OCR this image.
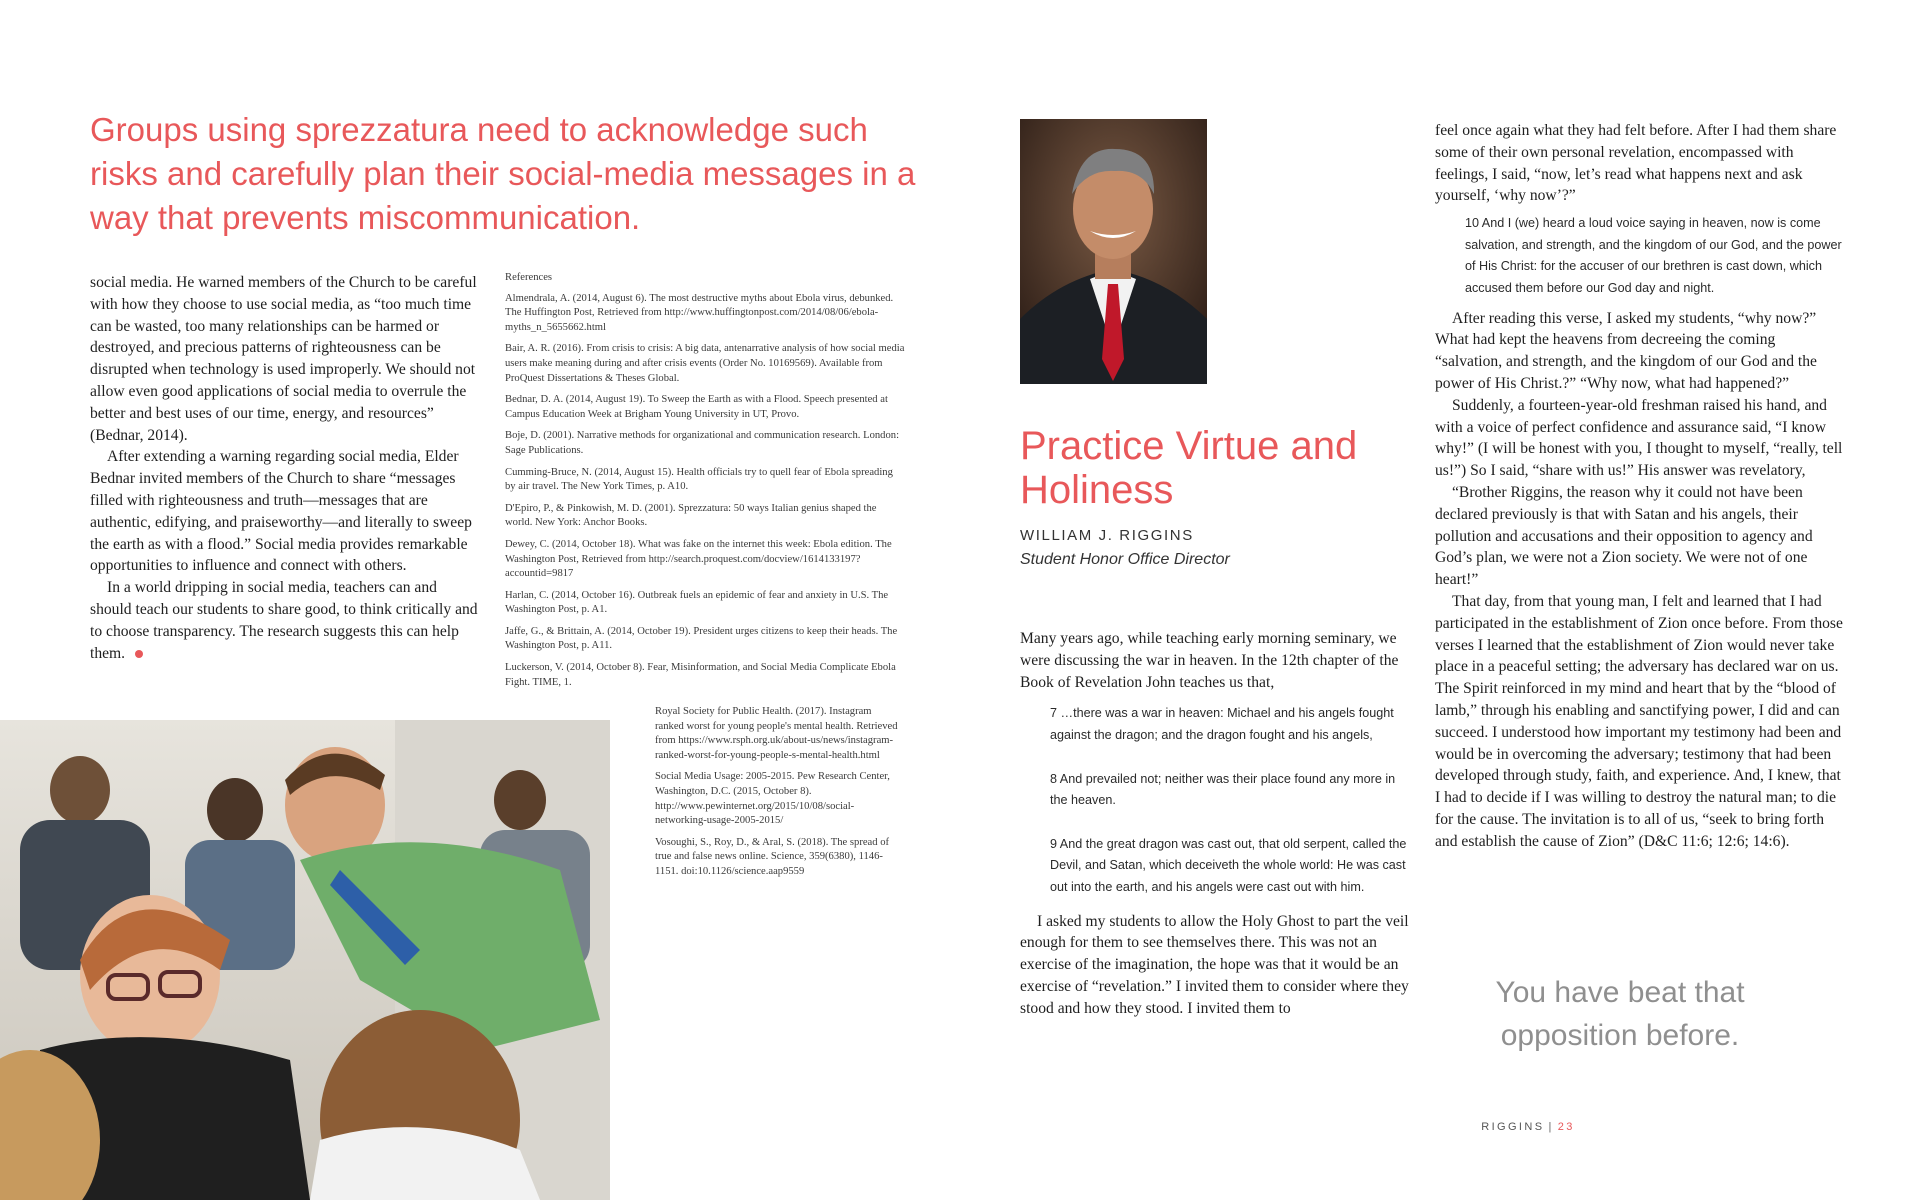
Groups using sprezzatura need to acknowledge such risks and carefully plan their social-media messages in a way that prevents miscommunication.

social media. He warned members of the Church to be careful with how they choose to use social media, as “too much time can be wasted, too many relationships can be harmed or destroyed, and precious patterns of righteousness can be disrupted when technology is used improperly. We should not allow even good applications of social media to overrule the better and best uses of our time, energy, and resources” (Bednar, 2014).

After extending a warning regarding social media, Elder Bednar invited members of the Church to share “messages filled with righteousness and truth—messages that are authentic, edifying, and praiseworthy—and literally to sweep the earth as with a flood.” Social media provides remarkable opportunities to influence and connect with others.

In a world dripping in social media, teachers can and should teach our students to share good, to think critically and to choose transparency. The research suggests this can help them.

References

Almendrala, A. (2014, August 6). The most destructive myths about Ebola virus, debunked. The Huffington Post, Retrieved from http://www.huffingtonpost.com/2014/08/06/ebola-myths_n_5655662.html

Bair, A. R. (2016). From crisis to crisis: A big data, antenarrative analysis of how social media users make meaning during and after crisis events (Order No. 10169569). Available from ProQuest Dissertations & Theses Global.

Bednar, D. A. (2014, August 19). To Sweep the Earth as with a Flood. Speech presented at Campus Education Week at Brigham Young University in UT, Provo.

Boje, D. (2001). Narrative methods for organizational and communication research. London: Sage Publications.

Cumming-Bruce, N. (2014, August 15). Health officials try to quell fear of Ebola spreading by air travel. The New York Times, p. A10.

D'Epiro, P., & Pinkowish, M. D. (2001). Sprezzatura: 50 ways Italian genius shaped the world. New York: Anchor Books.

Dewey, C. (2014, October 18). What was fake on the internet this week: Ebola edition. The Washington Post, Retrieved from http://search.proquest.com/docview/1614133197?accountid=9817

Harlan, C. (2014, October 16). Outbreak fuels an epidemic of fear and anxiety in U.S. The Washington Post, p. A1.

Jaffe, G., & Brittain, A. (2014, October 19). President urges citizens to keep their heads. The Washington Post, p. A11.

Luckerson, V. (2014, October 8). Fear, Misinformation, and Social Media Complicate Ebola Fight. TIME, 1.

Royal Society for Public Health. (2017). Instagram ranked worst for young people's mental health. Retrieved from https://www.rsph.org.uk/about-us/news/instagram-ranked-worst-for-young-people-s-mental-health.html

Social Media Usage: 2005-2015. Pew Research Center, Washington, D.C. (2015, October 8). http://www.pewinternet.org/2015/10/08/social-networking-usage-2005-2015/

Vosoughi, S., Roy, D., & Aral, S. (2018). The spread of true and false news online. Science, 359(6380), 1146-1151. doi:10.1126/science.aap9559

Practice Virtue and Holiness
WILLIAM J. RIGGINS
Student Honor Office Director

Many years ago, while teaching early morning seminary, we were discussing the war in heaven. In the 12th chapter of the Book of Revelation John teaches us that,

7 …there was a war in heaven: Michael and his angels fought against the dragon; and the dragon fought and his angels,

8 And prevailed not; neither was their place found any more in the heaven.

9 And the great dragon was cast out, that old serpent, called the Devil, and Satan, which deceiveth the whole world: He was cast out into the earth, and his angels were cast out with him.

I asked my students to allow the Holy Ghost to part the veil enough for them to see themselves there. This was not an exercise of the imagination, the hope was that it would be an exercise of “revelation.” I invited them to consider where they stood and how they stood. I invited them to

feel once again what they had felt before. After I had them share some of their own personal revelation, encompassed with feelings, I said, “now, let’s read what happens next and ask yourself, ‘why now’?”

10 And I (we) heard a loud voice saying in heaven, now is come salvation, and strength, and the kingdom of our God, and the power of His Christ: for the accuser of our brethren is cast down, which accused them before our God day and night.

After reading this verse, I asked my students, “why now?” What had kept the heavens from decreeing the coming “salvation, and strength, and the kingdom of our God and the power of His Christ.?” “Why now, what had happened?”

Suddenly, a fourteen-year-old freshman raised his hand, and with a voice of perfect confidence and assurance said, “I know why!” (I will be honest with you, I thought to myself, “really, tell us!”) So I said, “share with us!” His answer was revelatory,

“Brother Riggins, the reason why it could not have been declared previously is that with Satan and his angels, their pollution and accusations and their opposition to agency and God’s plan, we were not a Zion society. We were not of one heart!”

That day, from that young man, I felt and learned that I had participated in the establishment of Zion once before. From those verses I learned that the establishment of Zion would never take place in a peaceful setting; the adversary has declared war on us. The Spirit reinforced in my mind and heart that by the “blood of lamb,” through his enabling and sanctifying power, I did and can succeed. I understood how important my testimony had been and would be in overcoming the adversary; testimony that had been developed through study, faith, and experience. And, I knew, that I had to decide if I was willing to destroy the natural man; to die for the cause. The invitation is to all of us, “seek to bring forth and establish the cause of Zion” (D&C 11:6; 12:6; 14:6).

You have beat that opposition before.
RIGGINS | 23
